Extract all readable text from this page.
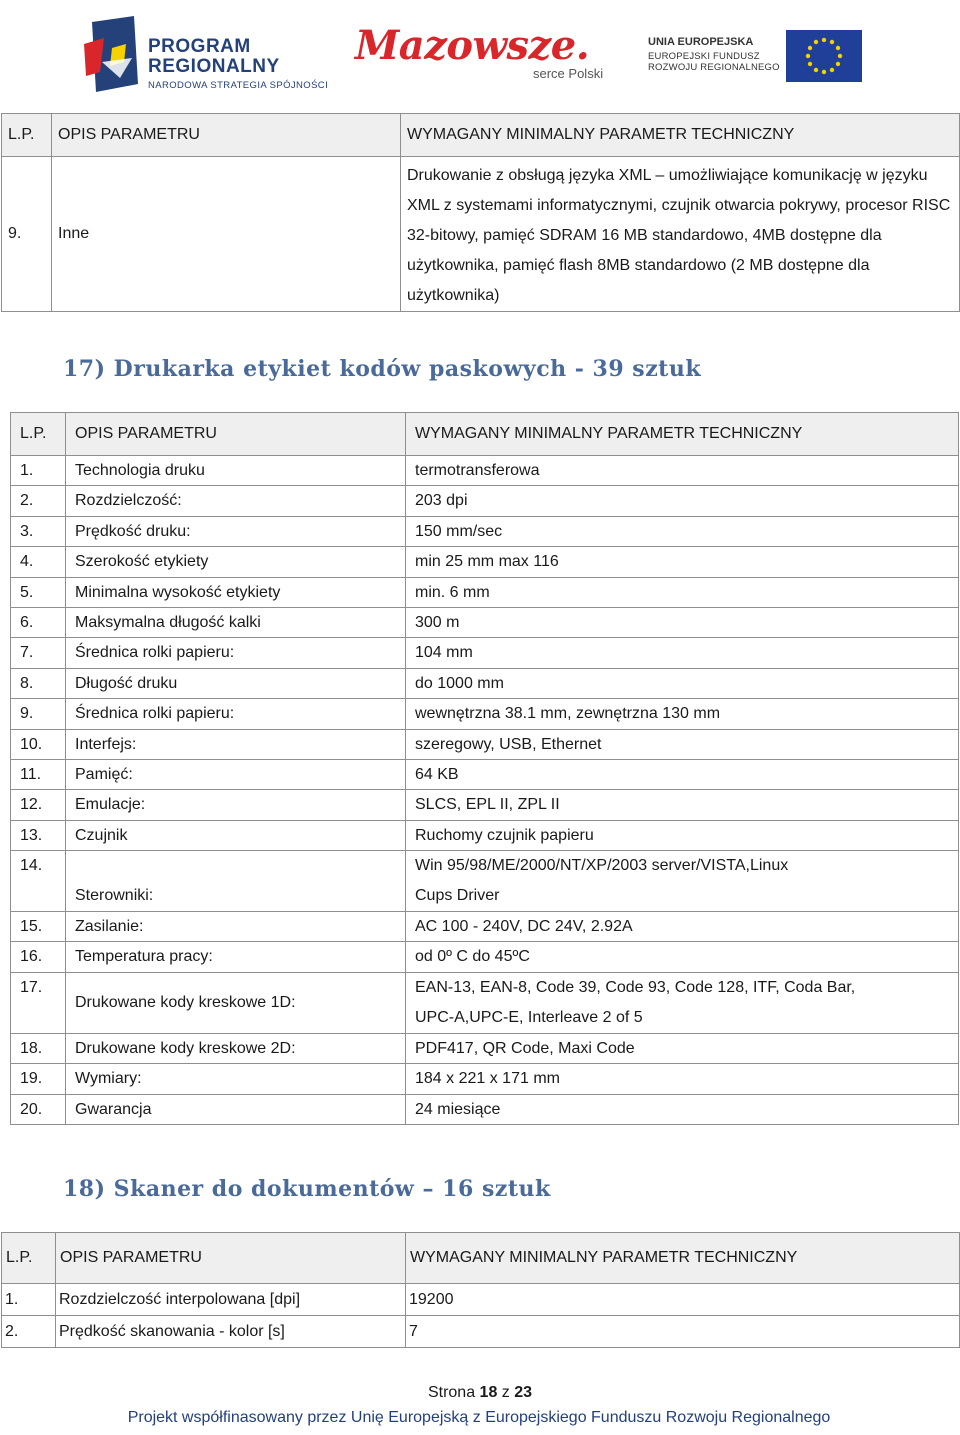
PROGRAM
REGIONALNY
NARODOWA STRATEGIA SPÓJNOŚCI
Mazowsze.
serce Polski
UNIA EUROPEJSKA
EUROPEJSKI FUNDUSZ
ROZWOJU REGIONALNEGO
L.P.	OPIS PARAMETRU	WYMAGANY MINIMALNY PARAMETR TECHNICZNY
9.	Inne	Drukowanie z obsługą języka XML – umożliwiające komunikację w języku XML z systemami informatycznymi, czujnik otwarcia pokrywy, procesor RISC 32-bitowy, pamięć SDRAM 16 MB standardowo, 4MB dostępne dla użytkownika, pamięć flash 8MB standardowo (2 MB dostępne dla użytkownika)
17) Drukarka etykiet kodów paskowych - 39 sztuk
L.P.	OPIS PARAMETRU	WYMAGANY MINIMALNY PARAMETR TECHNICZNY
1.	Technologia druku	termotransferowa
2.	Rozdzielczość:	203 dpi
3.	Prędkość druku:	150 mm/sec
4.	Szerokość etykiety	min 25 mm max 116
5.	Minimalna wysokość etykiety	min. 6 mm
6.	Maksymalna długość kalki	300 m
7.	Średnica rolki papieru:	104 mm
8.	Długość druku	do 1000 mm
9.	Średnica rolki papieru:	wewnętrzna 38.1 mm, zewnętrzna 130 mm
10.	Interfejs:	szeregowy, USB, Ethernet
11.	Pamięć:	64 KB
12.	Emulacje:	SLCS, EPL II, ZPL II
13.	Czujnik	Ruchomy czujnik papieru

14.	Sterowniki:	Win 95/98/ME/2000/NT/XP/2003 server/VISTA,Linux
Cups Driver

15.	Zasilanie:	AC 100 - 240V, DC 24V, 2.92A
16.	Temperatura pracy:	od 0º C do 45ºC

17.	Drukowane kody kreskowe 1D:	EAN-13, EAN-8, Code 39, Code 93, Code 128, ITF, Coda Bar,
UPC-A,UPC-E, Interleave 2 of 5

18.	Drukowane kody kreskowe 2D:	PDF417, QR Code, Maxi Code
19.	Wymiary:	184 x 221 x 171 mm
20.	Gwarancja	24 miesiące
18) Skaner do dokumentów – 16 sztuk
L.P.	OPIS PARAMETRU	WYMAGANY MINIMALNY PARAMETR TECHNICZNY
1.	Rozdzielczość interpolowana [dpi]	19200
2.	Prędkość skanowania - kolor [s]	7
Strona 18 z 23
Projekt współfinasowany przez Unię Europejską z Europejskiego Funduszu Rozwoju Regionalnego
